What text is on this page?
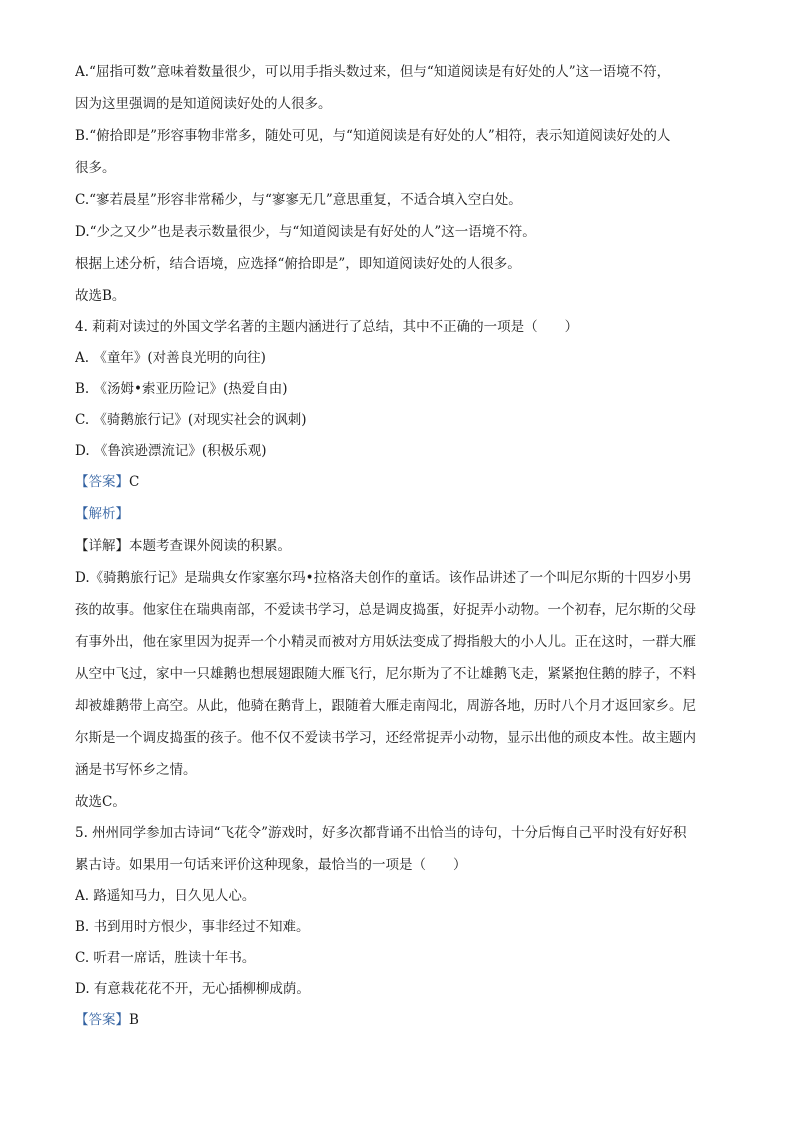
A.“屈指可数”意味着数量很少，可以用手指头数过来，但与“知道阅读是有好处的人”这一语境不符，
因为这里强调的是知道阅读好处的人很多。
B.“俯拾即是”形容事物非常多，随处可见，与“知道阅读是有好处的人”相符，表示知道阅读好处的人
很多。
C.“寥若晨星”形容非常稀少，与“寥寥无几”意思重复，不适合填入空白处。
D.“少之又少”也是表示数量很少，与“知道阅读是有好处的人”这一语境不符。
根据上述分析，结合语境，应选择“俯拾即是”，即知道阅读好处的人很多。
故选B。
4. 莉莉对读过的外国文学名著的主题内涵进行了总结，其中不正确的一项是（　　）
A. 《童年》(对善良光明的向往)
B. 《汤姆•索亚历险记》(热爱自由)
C. 《骑鹅旅行记》(对现实社会的讽刺)
D. 《鲁滨逊漂流记》(积极乐观)
【答案】C
【解析】
【详解】本题考查课外阅读的积累。
D.《骑鹅旅行记》是瑞典女作家塞尔玛•拉格洛夫创作的童话。该作品讲述了一个叫尼尔斯的十四岁小男
孩的故事。他家住在瑞典南部，不爱读书学习，总是调皮捣蛋，好捉弄小动物。一个初春，尼尔斯的父母
有事外出，他在家里因为捉弄一个小精灵而被对方用妖法变成了拇指般大的小人儿。正在这时，一群大雁
从空中飞过，家中一只雄鹅也想展翅跟随大雁飞行，尼尔斯为了不让雄鹅飞走，紧紧抱住鹅的脖子，不料
却被雄鹅带上高空。从此，他骑在鹅背上，跟随着大雁走南闯北，周游各地，历时八个月才返回家乡。尼
尔斯是一个调皮捣蛋的孩子。他不仅不爱读书学习，还经常捉弄小动物，显示出他的顽皮本性。故主题内
涵是书写怀乡之情。
故选C。
5. 州州同学参加古诗词“飞花令”游戏时，好多次都背诵不出恰当的诗句，十分后悔自己平时没有好好积
累古诗。如果用一句话来评价这种现象，最恰当的一项是（　　）
A. 路遥知马力，日久见人心。
B. 书到用时方恨少，事非经过不知难。
C. 听君一席话，胜读十年书。
D. 有意栽花花不开，无心插柳柳成荫。
【答案】B
